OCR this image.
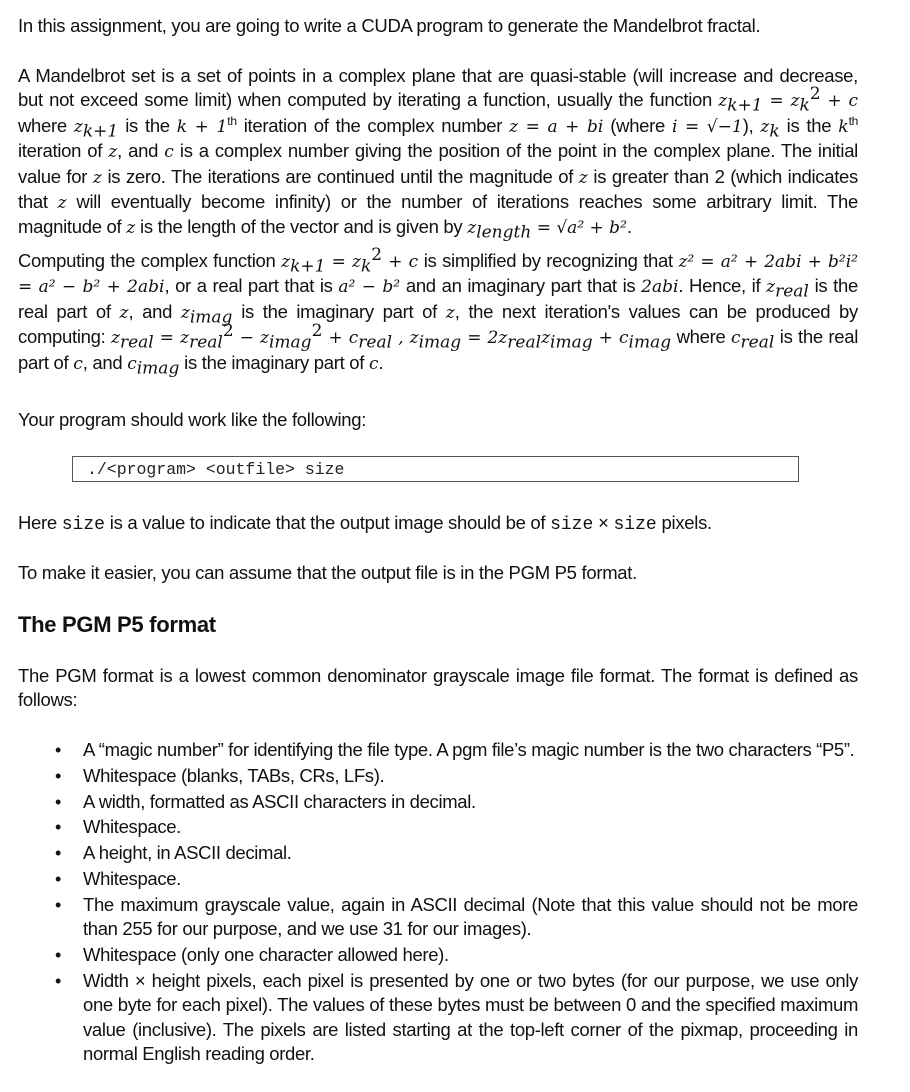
In this assignment, you are going to write a CUDA program to generate the Mandelbrot fractal.

A Mandelbrot set is a set of points in a complex plane that are quasi-stable (will increase and decrease, but not exceed some limit) when computed by iterating a function, usually the function $z_{k+1} = z_k^2 + c$ where $z_{k+1}$ is the k + 1th iteration of the complex number z = a + bi (where i = √−1), $z_k$ is the $k^{th}$ iteration of z, and c is a complex number giving the position of the point in the complex plane. The initial value for z is zero. The iterations are continued until the magnitude of z is greater than 2 (which indicates that z will eventually become infinity) or the number of iterations reaches some arbitrary limit. The magnitude of z is the length of the vector and is given by $z_{length} = √a^2 + b^2$.

Computing the complex function $z_{k+1} = z_k^2 + c$ is simplified by recognizing that z² = a² + 2abi + b²i² = a² − b² + 2abi, or a real part that is a² − b² and an imaginary part that is 2abi. Hence, if $z_{real}$ is the real part of z, and $z_{imag}$ is the imaginary part of z, the next iteration's values can be produced by computing: $z_{real} = z_{real}^2 - z_{imag}^2 + c_{real}$ , $z_{imag} = 2z_{real}z_{imag} + c_{imag}$ where $c_{real}$ is the real part of c, and $c_{imag}$ is the imaginary part of c.

Your program should work like the following:

./<program> <outfile> size

Here size is a value to indicate that the output image should be of size × size pixels.

To make it easier, you can assume that the output file is in the PGM P5 format.

The PGM P5 format

The PGM format is a lowest common denominator grayscale image file format. The format is defined as follows:

• A “magic number” for identifying the file type. A pgm file’s magic number is the two characters “P5”.
• Whitespace (blanks, TABs, CRs, LFs).
• A width, formatted as ASCII characters in decimal.
• Whitespace.
• A height, in ASCII decimal.
• Whitespace.
• The maximum grayscale value, again in ASCII decimal (Note that this value should not be more than 255 for our purpose, and we use 31 for our images).
• Whitespace (only one character allowed here).
• Width × height pixels, each pixel is presented by one or two bytes (for our purpose, we use only one byte for each pixel). The values of these bytes must be between 0 and the specified maximum value (inclusive). The pixels are listed starting at the top-left corner of the pixmap, proceeding in normal English reading order.
